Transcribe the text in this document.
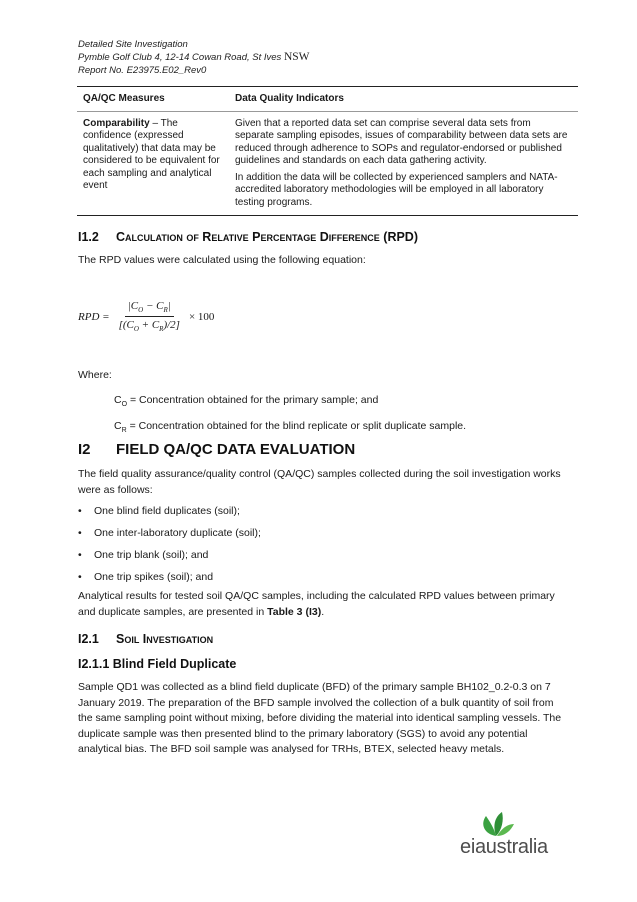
Detailed Site Investigation
Pymble Golf Club 4, 12-14 Cowan Road, St Ives NSW
Report No. E23975.E02_Rev0
QA/QC Measures	Data Quality Indicators
Comparability – The confidence (expressed qualitatively) that data may be considered to be equivalent for each sampling and analytical event	Given that a reported data set can comprise several data sets from separate sampling episodes, issues of comparability between data sets are reduced through adherence to SOPs and regulator-endorsed or published guidelines and standards on each data gathering activity.

In addition the data will be collected by experienced samplers and NATA-accredited laboratory methodologies will be employed in all laboratory testing programs.

I1.2 Calculation of Relative Percentage Difference (RPD)

The RPD values were calculated using the following equation:

RPD = $\frac{|C_O - C_R|}{[(C_O + C_R)/2]} \times 100$

Where:

$C_O$ = Concentration obtained for the primary sample; and
$C_R$ = Concentration obtained for the blind replicate or split duplicate sample.
I2 FIELD QA/QC DATA EVALUATION

The field quality assurance/quality control (QA/QC) samples collected during the soil investigation works were as follows:

•	One blind field duplicates (soil);
•	One inter-laboratory duplicate (soil);
•	One trip blank (soil); and
•	One trip spikes (soil); and

Analytical results for tested soil QA/QC samples, including the calculated RPD values between primary and duplicate samples, are presented in Table 3 (I3).

I2.1 Soil Investigation
I2.1.1 Blind Field Duplicate

Sample QD1 was collected as a blind field duplicate (BFD) of the primary sample BH102_0.2-0.3 on 7 January 2019. The preparation of the BFD sample involved the collection of a bulk quantity of soil from the same sampling point without mixing, before dividing the material into identical sampling vessels. The duplicate sample was then presented blind to the primary laboratory (SGS) to avoid any potential analytical bias. The BFD soil sample was analysed for TRHs, BTEX, selected heavy metals.

eiaustralia
